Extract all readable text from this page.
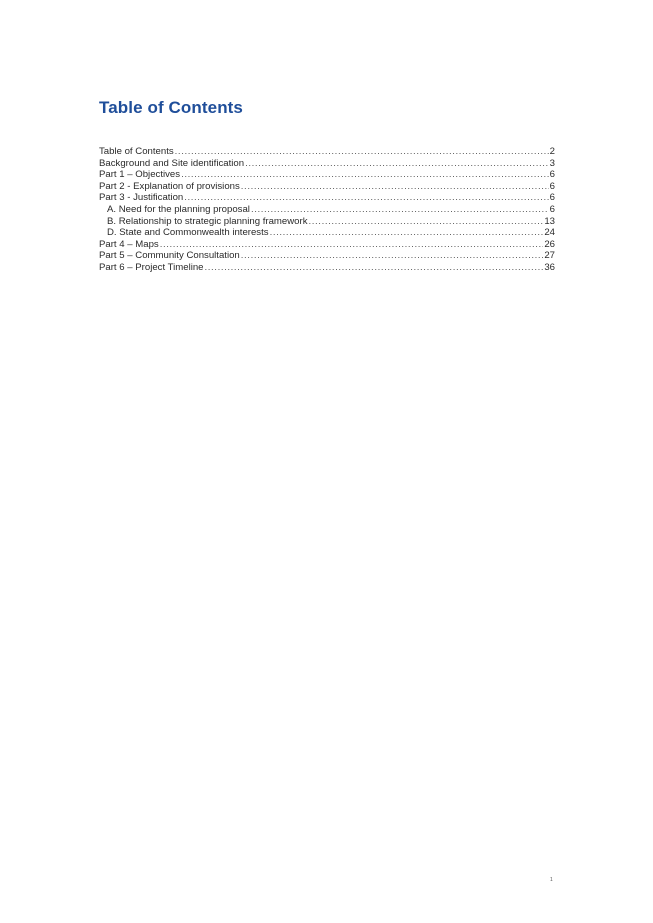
Table of Contents
Table of Contents .....	2
Background and Site identification .....	3
Part 1 – Objectives .....	6
Part 2 - Explanation of provisions .....	6
Part 3 - Justification .....	6
A. Need for the planning proposal .....	6
B. Relationship to strategic planning framework .....	13
D. State and Commonwealth interests .....	24
Part 4 – Maps .....	26
Part 5 – Community Consultation .....	27
Part 6 – Project Timeline .....	36
1
